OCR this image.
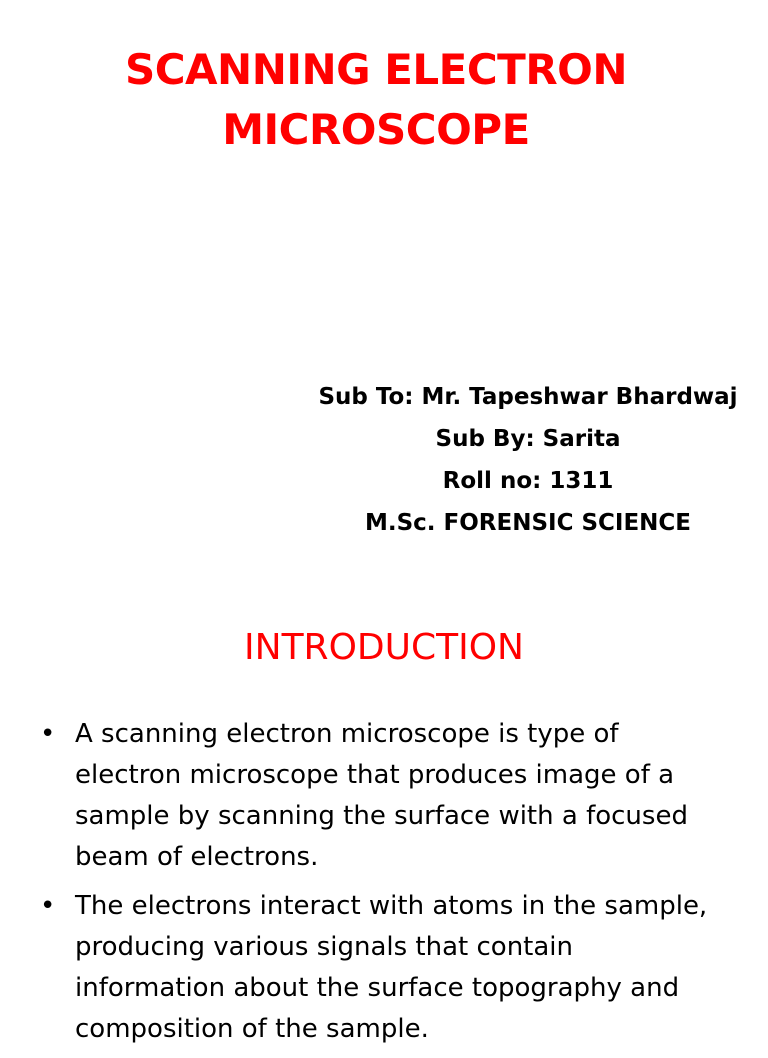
SCANNING ELECTRON
MICROSCOPE
Sub To: Mr. Tapeshwar Bhardwaj
Sub By: Sarita
Roll no: 1311
M.Sc. FORENSIC SCIENCE
INTRODUCTION
• A scanning electron microscope is type of electron microscope that produces image of a sample by scanning the surface with a focused beam of electrons.
• The electrons interact with atoms in the sample, producing various signals that contain information about the surface topography and composition of the sample.
